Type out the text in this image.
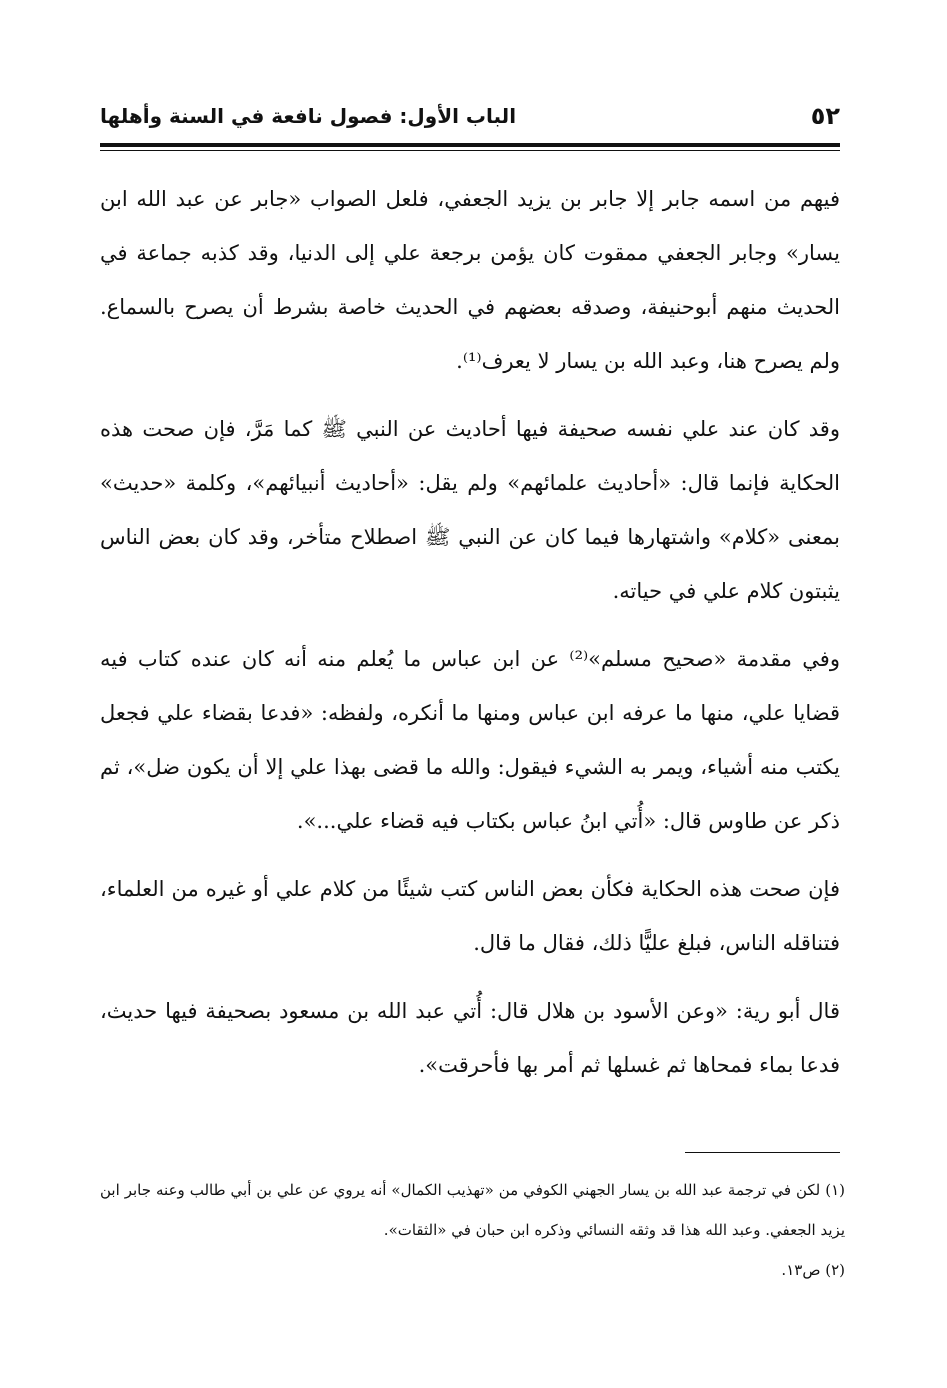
٥٢
الباب الأول: فصول نافعة في السنة وأهلها

فيهم من اسمه جابر إلا جابر بن يزيد الجعفي، فلعل الصواب «جابر عن عبد الله ابن يسار» وجابر الجعفي ممقوت كان يؤمن برجعة علي إلى الدنيا، وقد كذبه جماعة في الحديث منهم أبوحنيفة، وصدقه بعضهم في الحديث خاصة بشرط أن يصرح بالسماع. ولم يصرح هنا، وعبد الله بن يسار لا يعرف⁽¹⁾.

وقد كان عند علي نفسه صحيفة فيها أحاديث عن النبي ﷺ كما مَرَّ، فإن صحت هذه الحكاية فإنما قال: «أحاديث علمائهم» ولم يقل: «أحاديث أنبيائهم»، وكلمة «حديث» بمعنى «كلام» واشتهارها فيما كان عن النبي ﷺ اصطلاح متأخر، وقد كان بعض الناس يثبتون كلام علي في حياته.

وفي مقدمة «صحيح مسلم»⁽²⁾ عن ابن عباس ما يُعلم منه أنه كان عنده كتاب فيه قضايا علي، منها ما عرفه ابن عباس ومنها ما أنكره، ولفظه: «فدعا بقضاء علي فجعل يكتب منه أشياء، ويمر به الشيء فيقول: والله ما قضى بهذا علي إلا أن يكون ضل»، ثم ذكر عن طاوس قال: «أُتي ابنُ عباس بكتاب فيه قضاء علي...».

فإن صحت هذه الحكاية فكأن بعض الناس كتب شيئًا من كلام علي أو غيره من العلماء، فتناقله الناس، فبلغ عليًّا ذلك، فقال ما قال.

قال أبو رية: «وعن الأسود بن هلال قال: أُتي عبد الله بن مسعود بصحيفة فيها حديث، فدعا بماء فمحاها ثم غسلها ثم أمر بها فأحرقت».

(١) لكن في ترجمة عبد الله بن يسار الجهني الكوفي من «تهذيب الكمال» أنه يروي عن علي بن أبي طالب وعنه جابر ابن يزيد الجعفي. وعبد الله هذا قد وثقه النسائي وذكره ابن حبان في «الثقات».

(٢) ص١٣.
